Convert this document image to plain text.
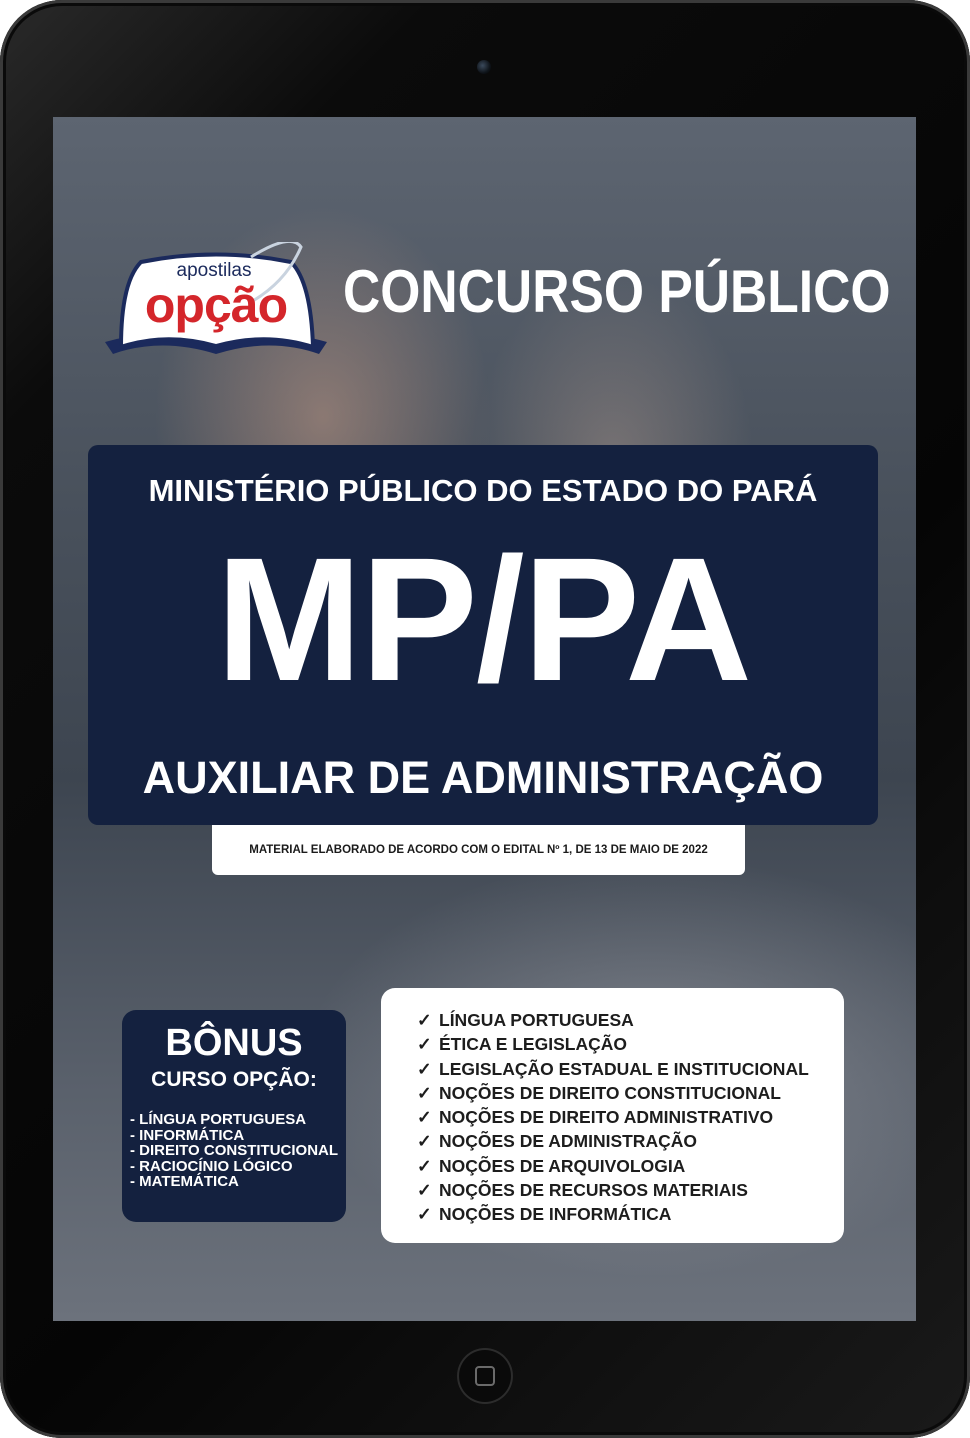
apostilas
opção CONCURSO PÚBLICO
MINISTÉRIO PÚBLICO DO ESTADO DO PARÁ
MP/PA
AUXILIAR DE ADMINISTRAÇÃO
MATERIAL ELABORADO DE ACORDO COM O EDITAL Nº 1, DE 13 DE MAIO DE 2022
BÔNUS
CURSO OPÇÃO:
- LÍNGUA PORTUGUESA
- INFORMÁTICA
- DIREITO CONSTITUCIONAL
- RACIOCÍNIO LÓGICO
- MATEMÁTICA
✓ LÍNGUA PORTUGUESA
✓ ÉTICA E LEGISLAÇÃO
✓ LEGISLAÇÃO ESTADUAL E INSTITUCIONAL
✓ NOÇÕES DE DIREITO CONSTITUCIONAL
✓ NOÇÕES DE DIREITO ADMINISTRATIVO
✓ NOÇÕES DE ADMINISTRAÇÃO
✓ NOÇÕES DE ARQUIVOLOGIA
✓ NOÇÕES DE RECURSOS MATERIAIS
✓ NOÇÕES DE INFORMÁTICA
